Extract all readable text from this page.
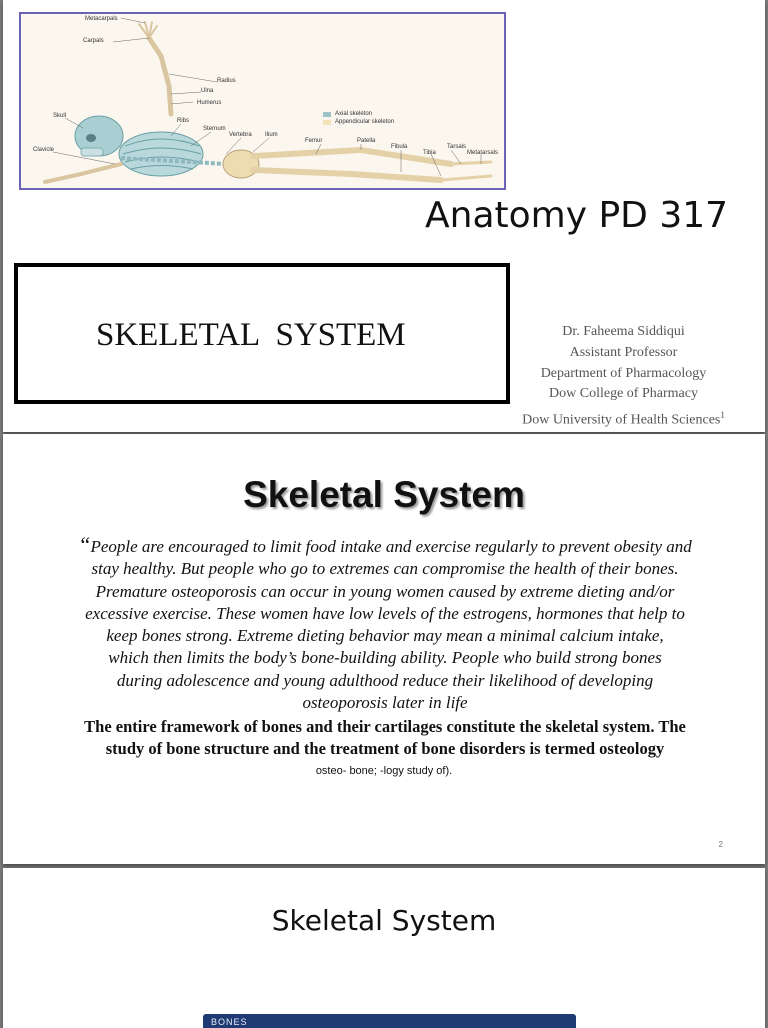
Metacarpals
Carpals
Radius
Ulna
Humerus
Skull
Clavicle
Ribs
Sternum
Vertebra Ilium
Femur	Patella
Fibula
Tibia
Tarsals
Metatarsals
Axial skeleton
Appendicular skeleton
Anatomy PD 317
SKELETAL  SYSTEM	Dr. Faheema Siddiqui
Assistant Professor
Department of Pharmacology
Dow College of Pharmacy
Dow University of Health Sciences$^1$
Skeletal System
“People are encouraged to limit food intake and exercise regularly to prevent obesity and
stay healthy. But people who go to extremes can compromise the health of their bones.
Premature osteoporosis can occur in young women caused by extreme dieting and/or
excessive exercise. These women have low levels of the estrogens, hormones that help to
keep bones strong. Extreme dieting behavior may mean a minimal calcium intake,
which then limits the body’s bone-building ability. People who build strong bones
during adolescence and young adulthood reduce their likelihood of developing
osteoporosis later in life
The entire framework of bones and their cartilages constitute the skeletal system. The
study of bone structure and the treatment of bone disorders is termed osteology
osteo- bone; -logy study of).
2
Skeletal System
BONES
